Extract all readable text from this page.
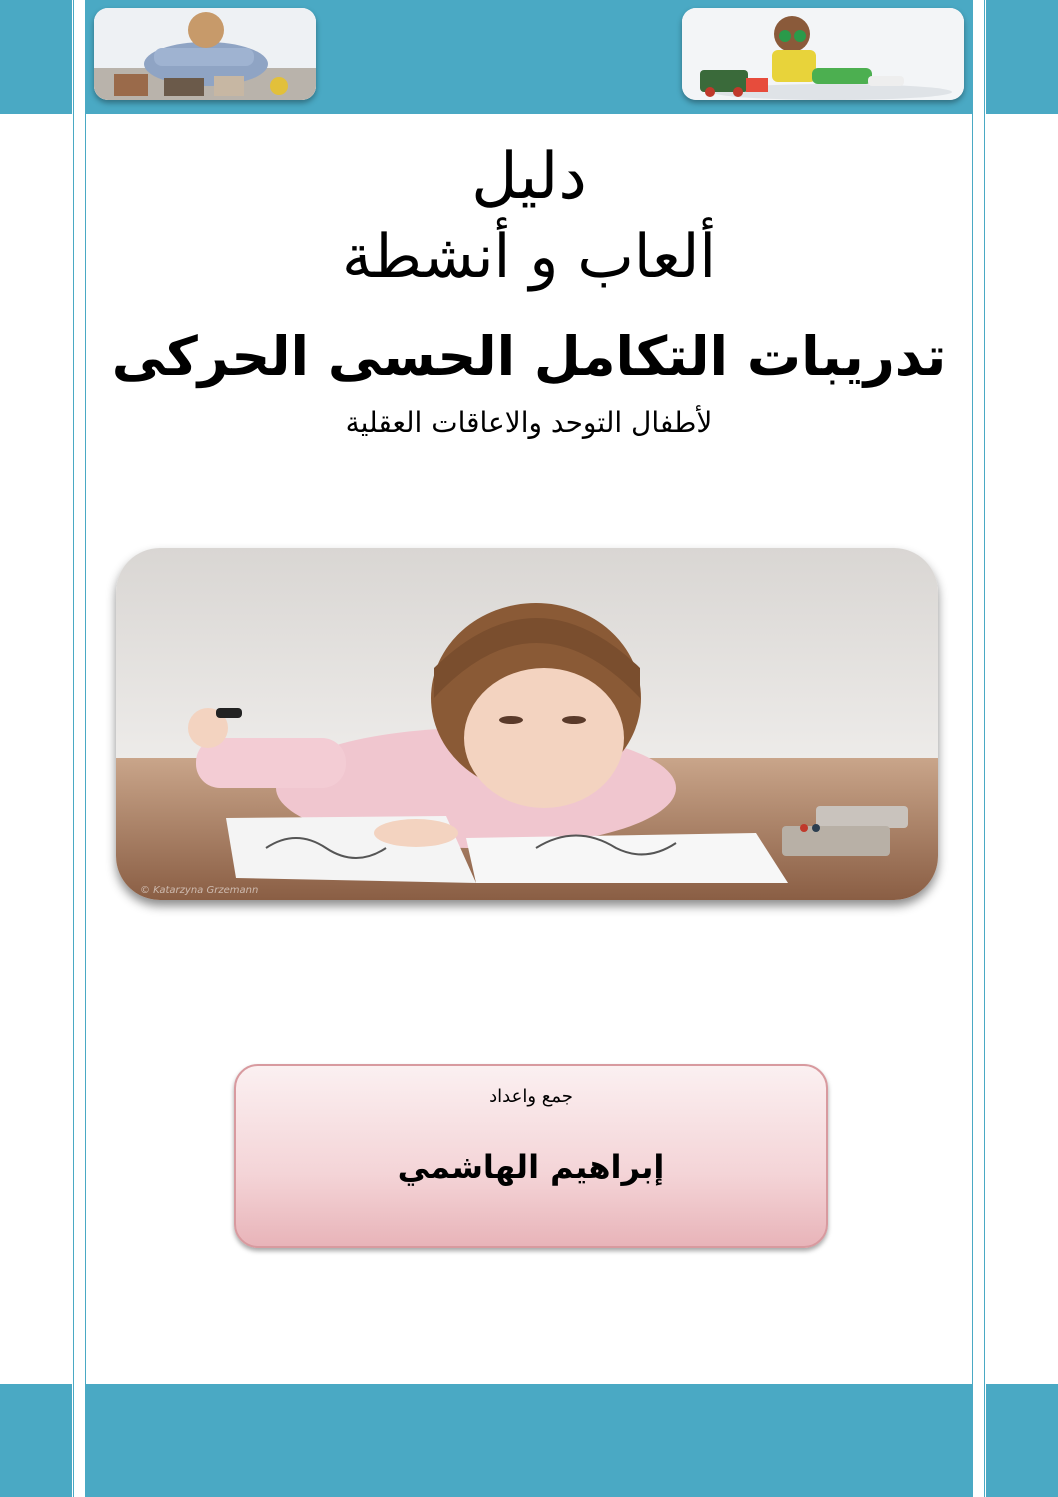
دليل
ألعاب و أنشطة
تدريبات التكامل الحسى الحركى
لأطفال التوحد والاعاقات العقلية
© Katarzyna Grzemann
جمع واعداد
إبراهيم الهاشمي
